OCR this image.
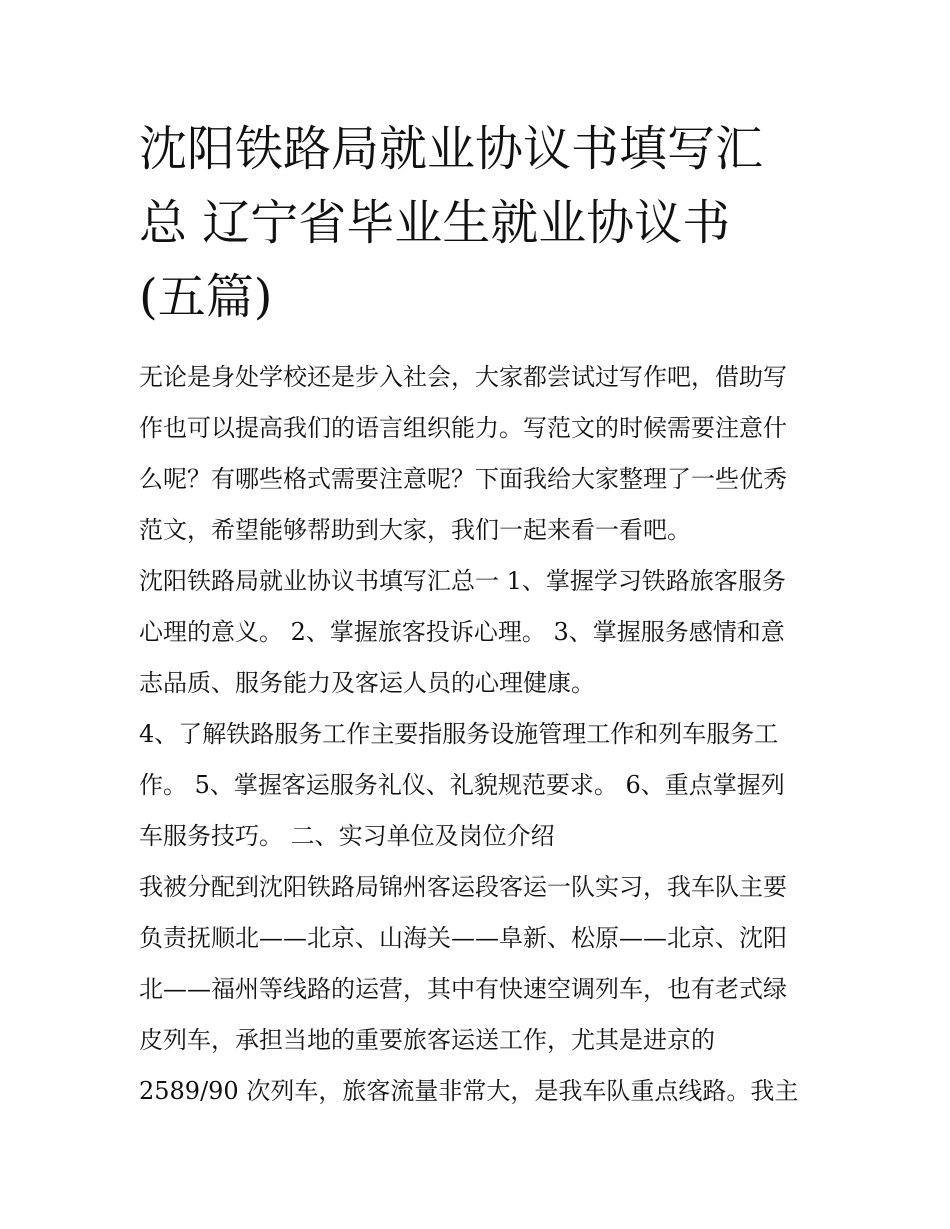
沈阳铁路局就业协议书填写汇
总 辽宁省毕业生就业协议书
(五篇)
无论是身处学校还是步入社会，大家都尝试过写作吧，借助写
作也可以提高我们的语言组织能力。写范文的时候需要注意什
么呢？有哪些格式需要注意呢？下面我给大家整理了一些优秀
范文，希望能够帮助到大家，我们一起来看一看吧。
沈阳铁路局就业协议书填写汇总一 1、掌握学习铁路旅客服务
心理的意义。 2、掌握旅客投诉心理。 3、掌握服务感情和意
志品质、服务能力及客运人员的心理健康。
4、了解铁路服务工作主要指服务设施管理工作和列车服务工
作。 5、掌握客运服务礼仪、礼貌规范要求。 6、重点掌握列
车服务技巧。 二、实习单位及岗位介绍
我被分配到沈阳铁路局锦州客运段客运一队实习，我车队主要
负责抚顺北——北京、山海关——阜新、松原——北京、沈阳
北——福州等线路的运营，其中有快速空调列车，也有老式绿
皮列车，承担当地的重要旅客运送工作，尤其是进京的
2589/90 次列车，旅客流量非常大，是我车队重点线路。我主
